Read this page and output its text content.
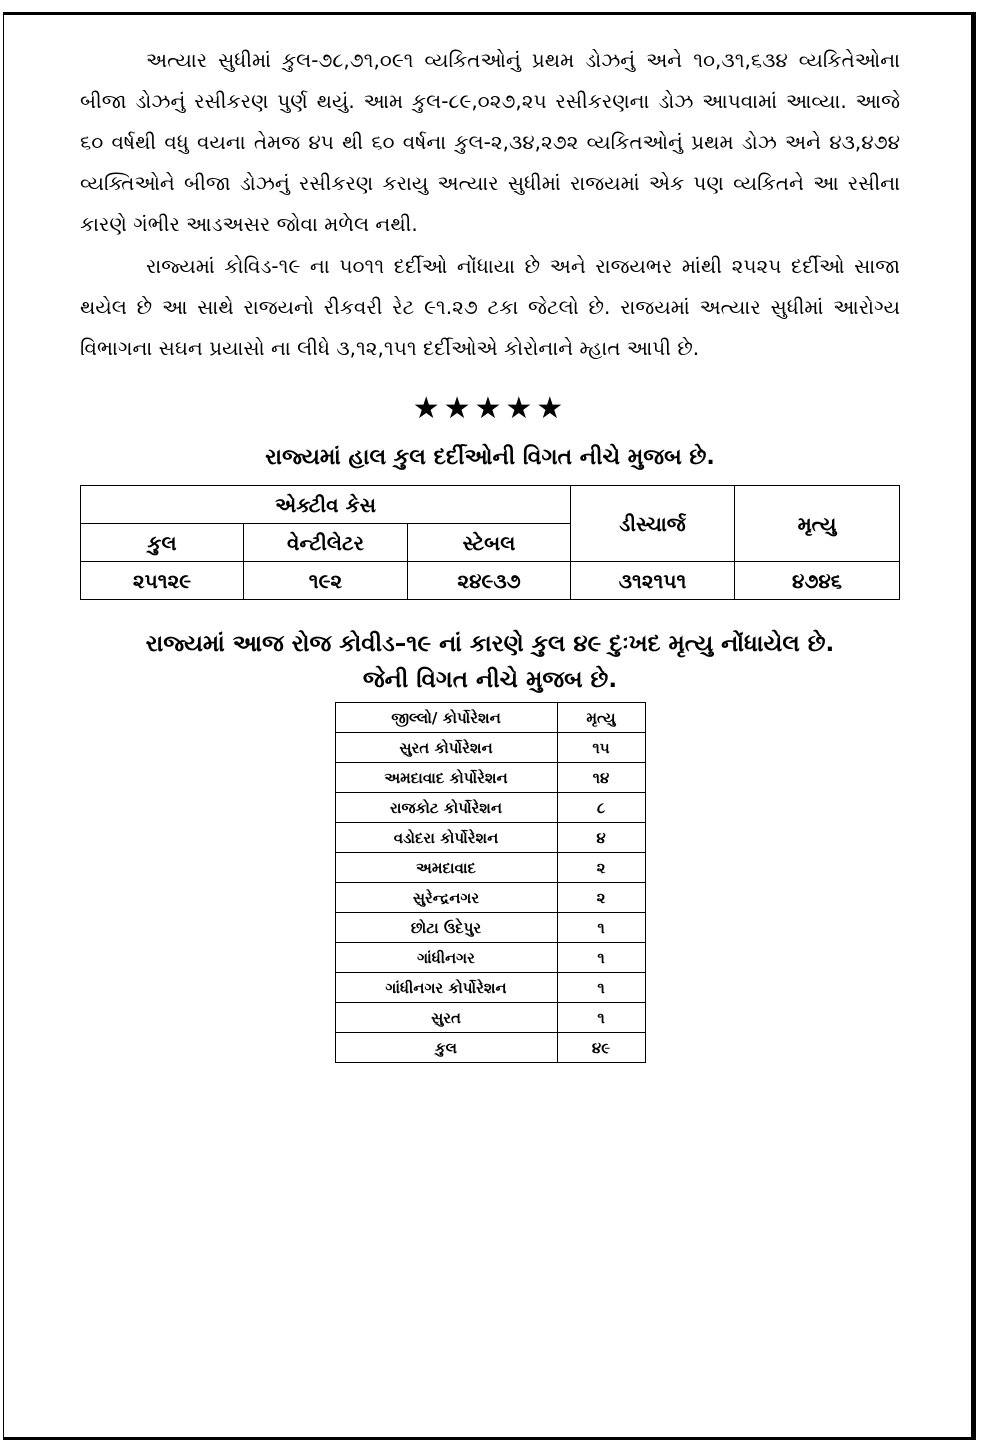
અત્યાર સુધીમાં કુલ-૭૮,૭૧,૦૯૧ વ્યકિતઓનું પ્રથમ ડોઝનું અને ૧૦,૩૧,૬૩૪ વ્યકિતેઓના બીજા ડોઝનું રસીકરણ પુર્ણ થયું. આમ કુલ-૮૯,૦૨૭,૨૫ રસીકરણના ડોઝ આપવામાં આવ્યા. આજે ૬૦ વર્ષથી વધુ વયના તેમજ ૪૫ થી ૬૦ વર્ષના કુલ-૨,૩૪,૨૭૨ વ્યકિતઓનું પ્રથમ ડોઝ અને ૪૩,૪૭૪ વ્યક્તિઓને બીજા ડોઝનું રસીકરણ કરાયુ અત્યાર સુધીમાં રાજયમાં એક પણ વ્યકિતને આ રસીના કારણે ગંભીર આડઅસર જોવા મળેલ નથી.

રાજ્યમાં કોવિડ-૧૯ ના ૫૦૧૧ દર્દીઓ નોંધાયા છે અને રાજયભર માંથી ૨૫૨૫ દર્દીઓ સાજા થયેલ છે આ સાથે રાજયનો રીકવરી રેટ ૯૧.૨૭ ટકા જેટલો છે. રાજયમાં અત્યાર સુધીમાં આરોગ્ય વિભાગના સઘન પ્રયાસો ના લીધે ૩,૧૨,૧૫૧ દર્દીઓએ કોરોનાને મ્હાત આપી છે.

★★★★★

રાજ્યમાં હાલ કુલ દર્દીઓની વિગત નીચે મુજબ છે.

એક્ટીવ કેસ			ડીસ્ચાર્જ	મૃત્યુ
કુલ	વેન્ટીલેટર	સ્ટેબલ		
૨૫૧૨૯	૧૯૨	૨૪૯૩૭	૩૧૨૧૫૧	૪૭૪૬

રાજ્યમાં આજ રોજ કોવીડ–૧૯ નાં કારણે કુલ ૪૯ દુઃખદ મૃત્યુ નોંધાયેલ છે.

જેની વિગત નીચે મુજબ છે.

જીલ્લો/ કોર્પોરેશન	મૃત્યુ
સુરત કોર્પોરેશન	૧૫
અમદાવાદ કોર્પોરેશન	૧૪
રાજકોટ કોર્પોરેશન	૮
વડોદરા કોર્પોરેશન	૪
અમદાવાદ	૨
સુરેન્દ્રનગર	૨
છોટા ઉદેપુર	૧
ગાંધીનગર	૧
ગાંધીનગર કોર્પોરેશન	૧
સુરત	૧
કુલ	૪૯
